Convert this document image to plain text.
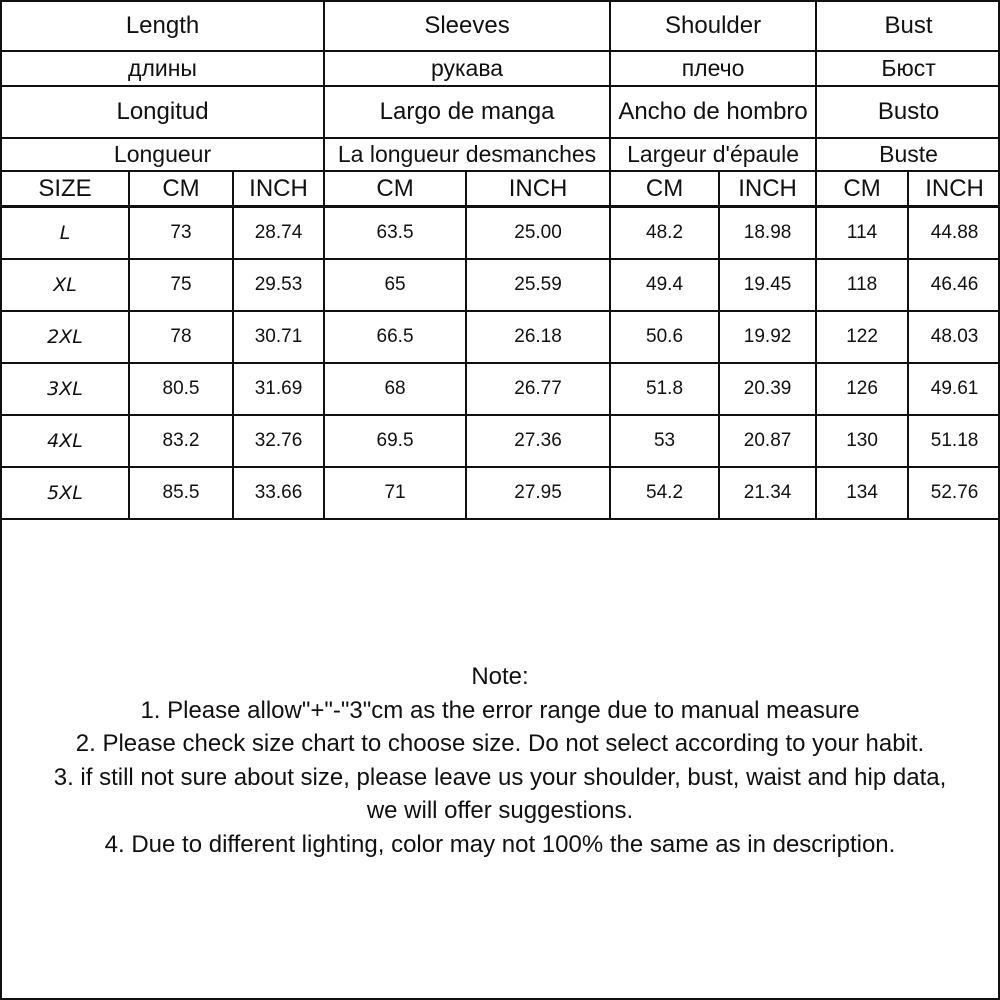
Length			Sleeves		Shoulder		Bust	
длины			рукава		плечо		Бюст	
Longitud			Largo de manga		Ancho de hombro		Busto	
Longueur			La longueur desmanches		Largeur d'épaule		Buste	
SIZE	CM	INCH	CM	INCH	CM	INCH	CM	INCH
L	73	28.74	63.5	25.00	48.2	18.98	114	44.88
XL	75	29.53	65	25.59	49.4	19.45	118	46.46
2XL	78	30.71	66.5	26.18	50.6	19.92	122	48.03
3XL	80.5	31.69	68	26.77	51.8	20.39	126	49.61
4XL	83.2	32.76	69.5	27.36	53	20.87	130	51.18
5XL	85.5	33.66	71	27.95	54.2	21.34	134	52.76
Note:
1. Please allow"+"-"3"cm as the error range due to manual measure
2. Please check size chart to choose size. Do not select according to your habit.
3. if still not sure about size, please leave us your shoulder, bust, waist and hip data,
we will offer suggestions.
4. Due to different lighting, color may not 100% the same as in description.
